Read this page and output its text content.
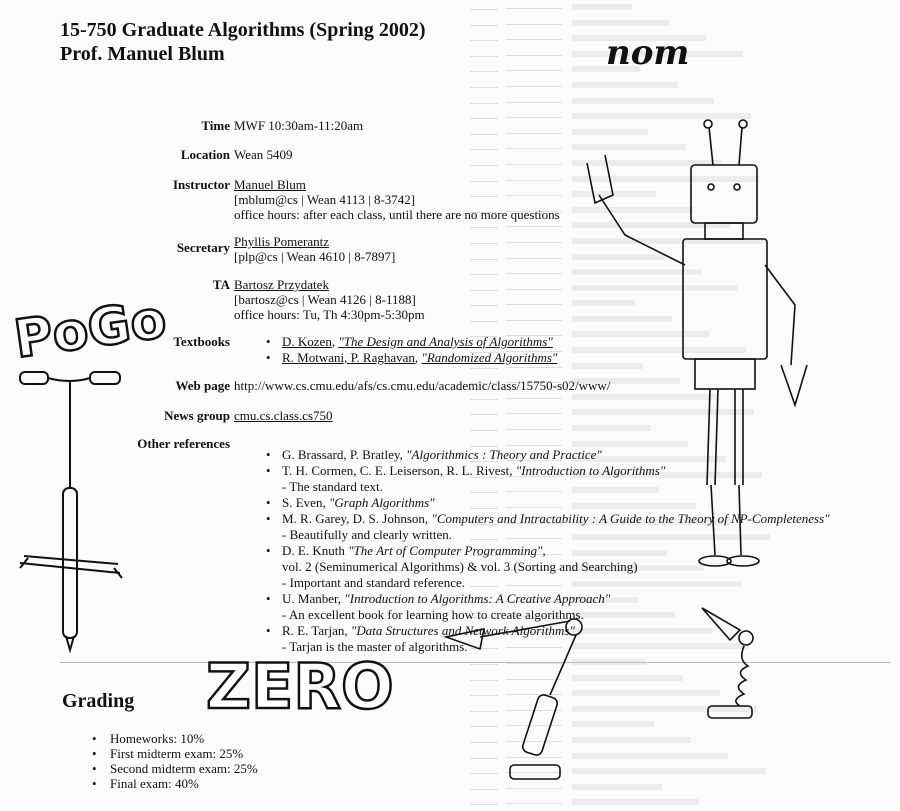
15-750 Graduate Algorithms (Spring 2002)
Prof. Manuel Blum
Time MWF 10:30am-11:20am
Location Wean 5409
Instructor Manuel Blum
[mblum@cs | Wean 4113 | 8-3742]
office hours: after each class, until there are no more questions
Secretary Phyllis Pomerantz
[plp@cs | Wean 4610 | 8-7897]
TA Bartosz Przydatek
[bartosz@cs | Wean 4126 | 8-1188]
office hours: Tu, Th 4:30pm-5:30pm
Textbooks
•	D. Kozen, "The Design and Analysis of Algorithms"
• R. Motwani, P. Raghavan, "Randomized Algorithms"
Web page http://www.cs.cmu.edu/afs/cs.cmu.edu/academic/class/15750-s02/www/
News group cmu.cs.class.cs750
Other references
• G. Brassard, P. Bratley, "Algorithmics : Theory and Practice"
• T. H. Cormen, C. E. Leiserson, R. L. Rivest, "Introduction to Algorithms"
- The standard text.
• S. Even, "Graph Algorithms"
• M. R. Garey, D. S. Johnson, "Computers and Intractability : A Guide to the Theory of NP-Completeness"
- Beautifully and clearly written.
• D. E. Knuth "The Art of Computer Programming",
vol. 2 (Seminumerical Algorithms) & vol. 3 (Sorting and Searching)
- Important and standard reference.
• U. Manber, "Introduction to Algorithms: A Creative Approach"
- An excellent book for learning how to create algorithms.
• R. E. Tarjan, "Data Structures and Network Algorithms"
- Tarjan is the master of algorithms.
Grading
• Homeworks: 10%
• First midterm exam: 25%
• Second midterm exam: 25%
• Final exam: 40%
nom
PoGo
ZERO
